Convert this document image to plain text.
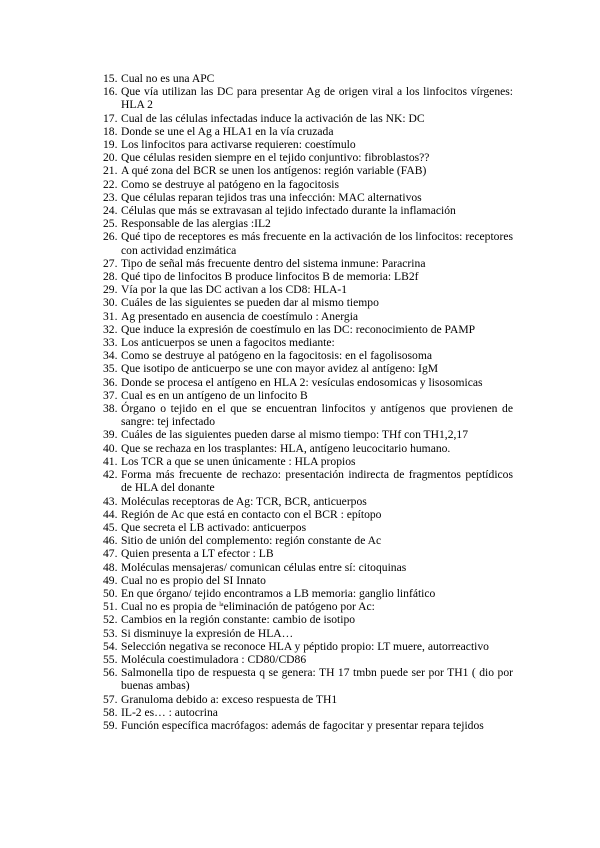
15. Cual no es una APC
16. Que vía utilizan las DC para presentar Ag de origen viral a los linfocitos vírgenes: HLA 2
17. Cual de las células infectadas induce la activación de las NK: DC
18. Donde se une el Ag a HLA1 en la vía cruzada
19. Los linfocitos para activarse requieren: coestímulo
20. Que células residen siempre en el tejido conjuntivo: fibroblastos??
21. A qué zona del BCR se unen los antígenos: región variable (FAB)
22. Como se destruye al patógeno en la fagocitosis
23. Que células reparan tejidos tras una infección: MAC alternativos
24. Células que más se extravasan al tejido infectado durante la inflamación
25. Responsable de las alergias :IL2
26. Qué tipo de receptores es más frecuente en la activación de los linfocitos: receptores con actividad enzimática
27. Tipo de señal más frecuente dentro del sistema inmune: Paracrina
28. Qué tipo de linfocitos B produce linfocitos B de memoria: LB2f
29. Vía por la que las DC activan a los CD8: HLA-1
30. Cuáles de las siguientes se pueden dar al mismo tiempo
31. Ag presentado en ausencia de coestímulo : Anergia
32. Que induce la expresión de coestímulo en las DC: reconocimiento de PAMP
33. Los anticuerpos se unen a fagocitos mediante:
34. Como se destruye al patógeno en la fagocitosis: en el fagolisosoma
35. Que isotipo de anticuerpo se une con mayor avidez al antígeno: IgM
36. Donde se procesa el antígeno en HLA 2: vesículas endosomicas y lisosomicas
37. Cual es en un antígeno de un linfocito B
38. Órgano o tejido en el que se encuentran linfocitos y antígenos que provienen de sangre: tej infectado
39. Cuáles de las siguientes pueden darse al mismo tiempo: THf con TH1,2,17
40. Que se rechaza en los trasplantes: HLA, antígeno leucocitario humano.
41. Los TCR a que se unen únicamente : HLA propios
42. Forma más frecuente de rechazo: presentación indirecta de fragmentos peptídicos de HLA del donante
43. Moléculas receptoras de Ag: TCR, BCR, anticuerpos
44. Región de Ac que está en contacto con el BCR : epítopo
45. Que secreta el LB activado: anticuerpos
46. Sitio de unión del complemento: región constante de Ac
47. Quien presenta a LT efector : LB
48. Moléculas mensajeras/ comunican células entre sí: citoquinas
49. Cual no es propio del SI Innato
50. En que órgano/ tejido encontramos a LB memoria: ganglio linfático
51. Cual no es propia de $^{la}$eliminación de patógeno por Ac:
52. Cambios en la región constante: cambio de isotipo
53. Si disminuye la expresión de HLA…
54. Selección negativa se reconoce HLA y péptido propio: LT muere, autorreactivo
55. Molécula coestimuladora : CD80/CD86
56. Salmonella tipo de respuesta q se genera: TH 17 tmbn puede ser por TH1 ( dio por buenas ambas)
57. Granuloma debido a: exceso respuesta de TH1
58. IL-2 es… : autocrina
59. Función específica macrófagos: además de fagocitar y presentar repara tejidos
